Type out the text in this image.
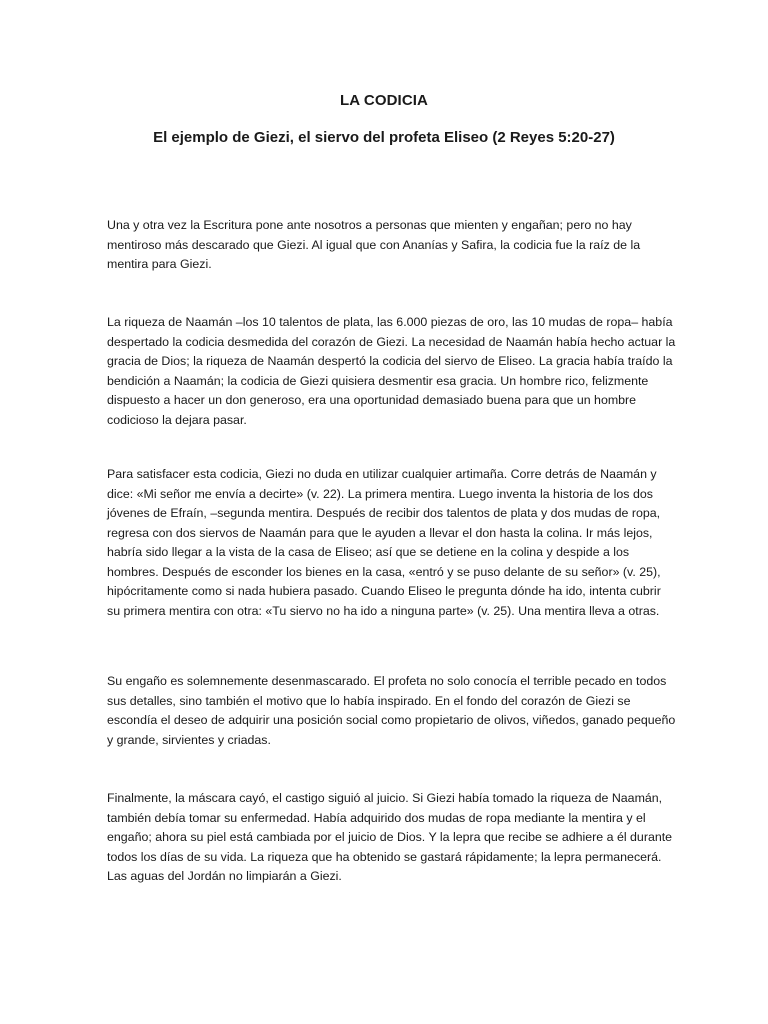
LA CODICIA
El ejemplo de Giezi, el siervo del profeta Eliseo (2 Reyes 5:20-27)

Una y otra vez la Escritura pone ante nosotros a personas que mienten y engañan; pero no hay mentiroso más descarado que Giezi. Al igual que con Ananías y Safira, la codicia fue la raíz de la mentira para Giezi.

La riqueza de Naamán –los 10 talentos de plata, las 6.000 piezas de oro, las 10 mudas de ropa– había despertado la codicia desmedida del corazón de Giezi. La necesidad de Naamán había hecho actuar la gracia de Dios; la riqueza de Naamán despertó la codicia del siervo de Eliseo. La gracia había traído la bendición a Naamán; la codicia de Giezi quisiera desmentir esa gracia. Un hombre rico, felizmente dispuesto a hacer un don generoso, era una oportunidad demasiado buena para que un hombre codicioso la dejara pasar.

Para satisfacer esta codicia, Giezi no duda en utilizar cualquier artimaña. Corre detrás de Naamán y dice: «Mi señor me envía a decirte» (v. 22). La primera mentira. Luego inventa la historia de los dos jóvenes de Efraín, –segunda mentira. Después de recibir dos talentos de plata y dos mudas de ropa, regresa con dos siervos de Naamán para que le ayuden a llevar el don hasta la colina. Ir más lejos, habría sido llegar a la vista de la casa de Eliseo; así que se detiene en la colina y despide a los hombres. Después de esconder los bienes en la casa, «entró y se puso delante de su señor» (v. 25), hipócritamente como si nada hubiera pasado. Cuando Eliseo le pregunta dónde ha ido, intenta cubrir su primera mentira con otra: «Tu siervo no ha ido a ninguna parte» (v. 25). Una mentira lleva a otras.

Su engaño es solemnemente desenmascarado. El profeta no solo conocía el terrible pecado en todos sus detalles, sino también el motivo que lo había inspirado. En el fondo del corazón de Giezi se escondía el deseo de adquirir una posición social como propietario de olivos, viñedos, ganado pequeño y grande, sirvientes y criadas.

Finalmente, la máscara cayó, el castigo siguió al juicio. Si Giezi había tomado la riqueza de Naamán, también debía tomar su enfermedad. Había adquirido dos mudas de ropa mediante la mentira y el engaño; ahora su piel está cambiada por el juicio de Dios. Y la lepra que recibe se adhiere a él durante todos los días de su vida. La riqueza que ha obtenido se gastará rápidamente; la lepra permanecerá. Las aguas del Jordán no limpiarán a Giezi.
